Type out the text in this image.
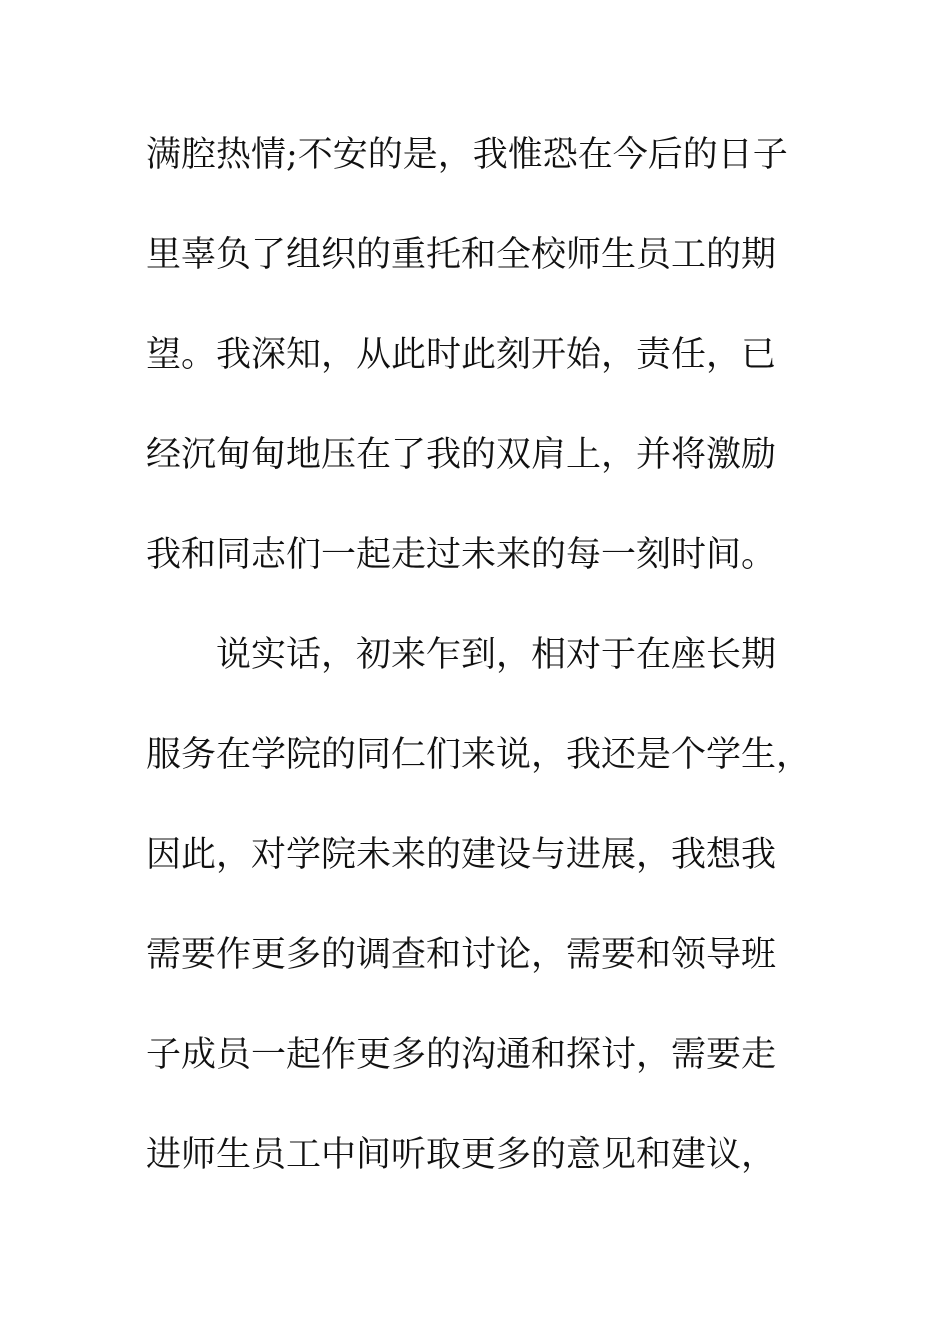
满腔热情;不安的是，我惟恐在今后的日子
里辜负了组织的重托和全校师生员工的期
望。我深知，从此时此刻开始，责任，已
经沉甸甸地压在了我的双肩上，并将激励
我和同志们一起走过未来的每一刻时间。
说实话，初来乍到，相对于在座长期
服务在学院的同仁们来说，我还是个学生，
因此，对学院未来的建设与进展，我想我
需要作更多的调查和讨论，需要和领导班
子成员一起作更多的沟通和探讨，需要走
进师生员工中间听取更多的意见和建议，
